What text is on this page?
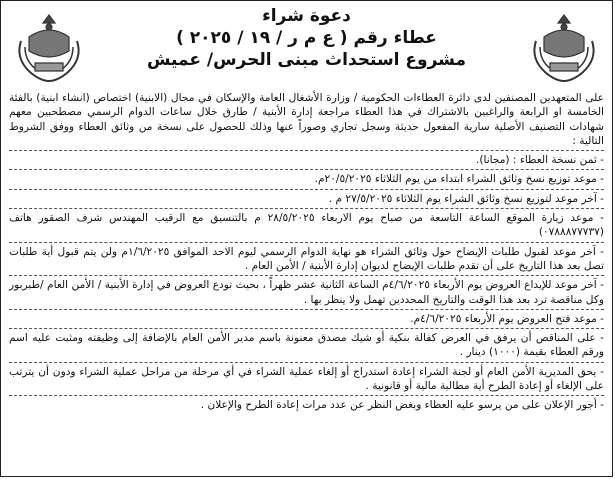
دعوة شراء
عطاء رقم ( ع م ر / ١٩ / ٢٠٢٥ )
مشروع استحداث مبنى الحرس/ عميش

على المتعهدين المصنفين لدى دائرة العطاءات الحكومية / وزارة الأشغال العامة والإسكان في مجال (الابنية) اختصاص (انشاء ابنية) بالفئة الخامسة او الرابعة والراغبين بالاشتراك في هذا العطاء مراجعة إدارة الأبنية / طارق خلال ساعات الدوام الرسمي مصطحبين معهم شهادات التصنيف الأصلية سارية المفعول حديثة وسجل تجاري وصوراً عنها وذلك للحصول على نسخة من وثائق العطاء ووفق الشروط التالية :

- ثمن نسخة العطاء : (مجانا).
- موعد توزيع نسخ وثائق الشراء ابتداء من يوم الثلاثاء ٢٠/٥/٢٠٢٥م.
- آخر موعد لتوزيع نسخ وثائق الشراء يوم الثلاثاء ٢٧/٥/٢٠٢٥ م .
- موعد زيارة الموقع الساعة التاسعة من صباح يوم الاربعاء ٢٨/٥/٢٠٢٥ م بالتنسيق مع الرقيب المهندس شرف الصقور هاتف (٠٧٨٨٨٧٧٧٣٧)
- آخر موعد لقبول طلبات الإيضاح حول وثائق الشراء هو نهاية الدوام الرسمي ليوم الاحد الموافق ١/٦/٢٠٢٥م ولن يتم قبول أية طلبات تصل بعد هذا التاريخ على أن تقدم طلبات الإيضاح لديوان إدارة الأبنية / الأمن العام .
- آخر موعد للإيداع العروض يوم الأربعاء ٤/٦/٢٠٢٥م الساعة الثانية عشر ظهراً ، بحيث تودع العروض في إدارة الأبنية / الأمن العام /طبربور وكل مناقصة ترد بعد هذا الوقت والتاريخ المحددين تهمل ولا ينظر بها .
- موعد فتح العروض يوم الأربعاء ٤/٦/٢٠٢٥م.
- على المناقص أن يرفق في العرض كفالة بنكية أو شيك مصدق معنونة باسم مدير الأمن العام بالإضافة إلى وظيفته ومثبت عليه اسم ورقم العطاء بقيمة (١٠٠٠) دينار .
- يحق المديرية الأمن العام أو لجنة الشراء إعادة استدراج أو إلغاء عملية الشراء في أي مرحلة من مراحل عملية الشراء ودون أن يترتب على الإلغاء أو إعادة الطرح أية مطالبة مالية أو قانونية .
- أجور الإعلان على من يرسو عليه العطاء وبغض النظر عن عدد مرات إعادة الطرح والإعلان .
